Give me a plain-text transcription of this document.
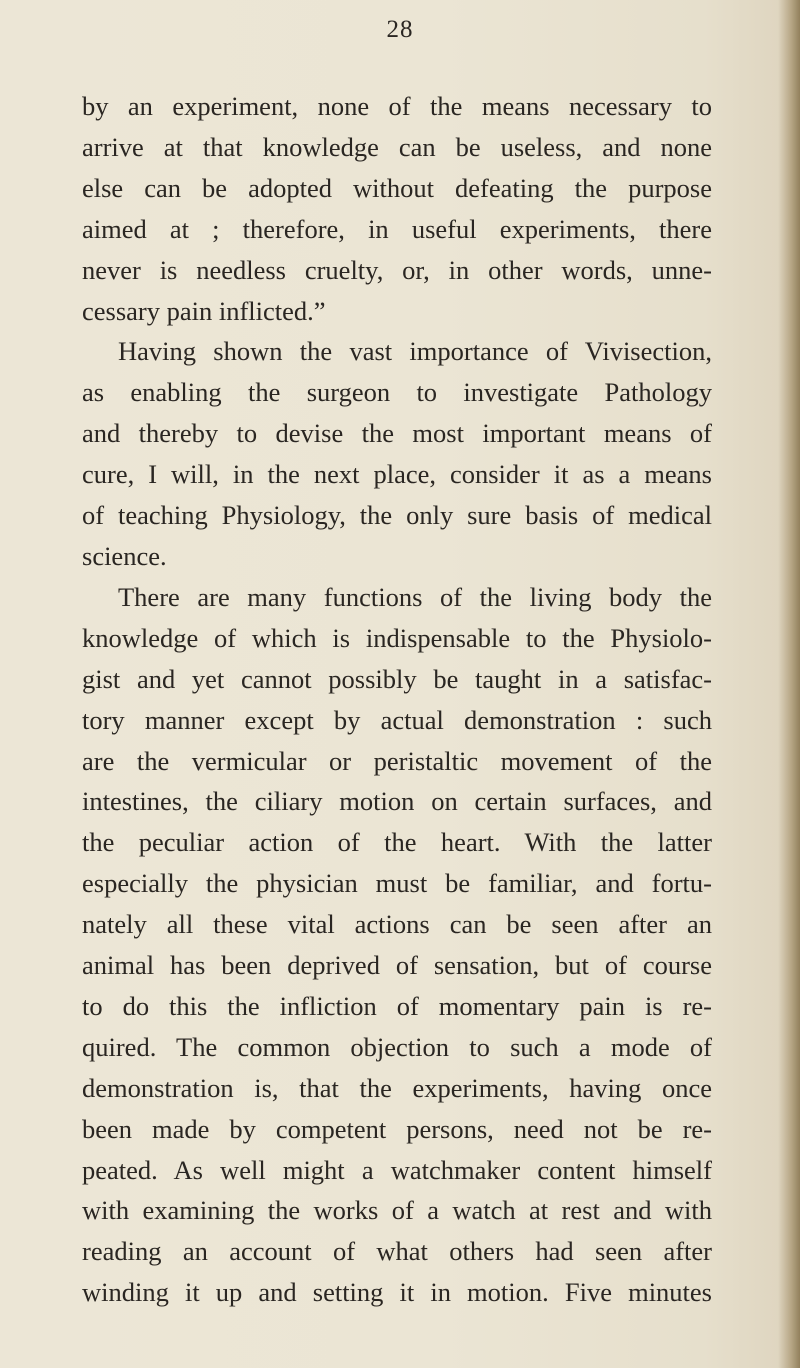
28
by an experiment, none of the means necessary to
arrive at that knowledge can be useless, and none
else can be adopted without defeating the purpose
aimed at ; therefore, in useful experiments, there
never is needless cruelty, or, in other words, unne-
cessary pain inflicted.”
Having shown the vast importance of Vivisection,
as enabling the surgeon to investigate Pathology
and thereby to devise the most important means of
cure, I will, in the next place, consider it as a means
of teaching Physiology, the only sure basis of medical
science.
There are many functions of the living body the
knowledge of which is indispensable to the Physiolo-
gist and yet cannot possibly be taught in a satisfac-
tory manner except by actual demonstration : such
are the vermicular or peristaltic movement of the
intestines, the ciliary motion on certain surfaces, and
the peculiar action of the heart. With the latter
especially the physician must be familiar, and fortu-
nately all these vital actions can be seen after an
animal has been deprived of sensation, but of course
to do this the infliction of momentary pain is re-
quired. The common objection to such a mode of
demonstration is, that the experiments, having once
been made by competent persons, need not be re-
peated. As well might a watchmaker content himself
with examining the works of a watch at rest and with
reading an account of what others had seen after
winding it up and setting it in motion. Five minutes
